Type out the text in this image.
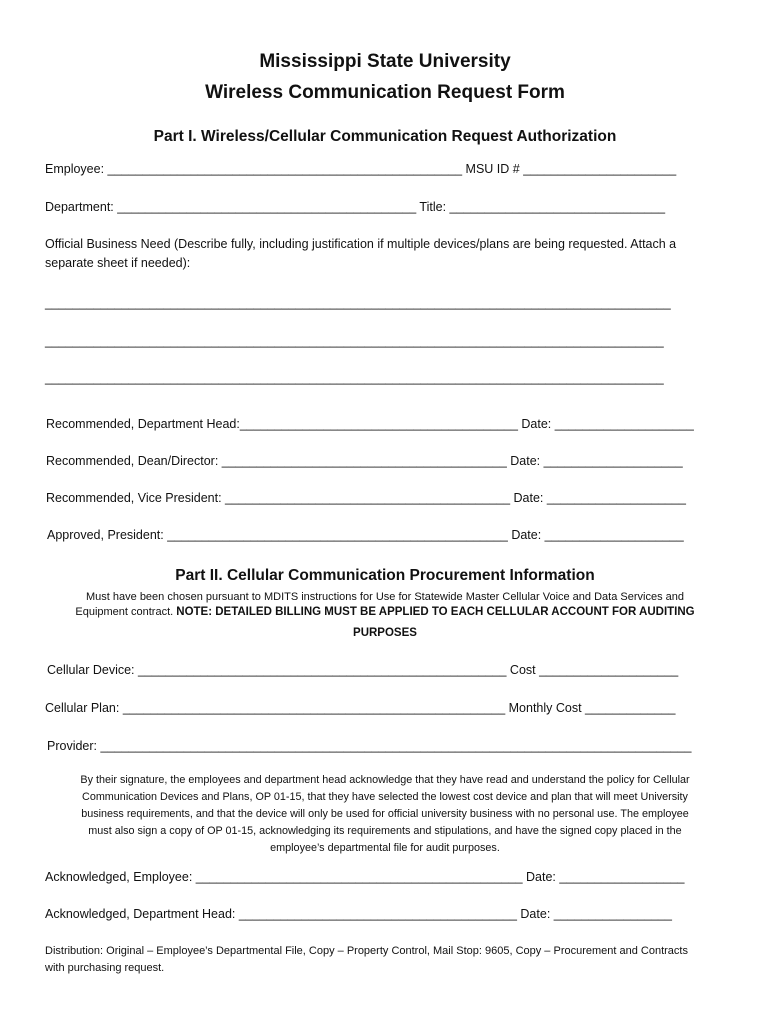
Mississippi State University
Wireless Communication Request Form
Part I. Wireless/Cellular Communication Request Authorization
Employee: ___________________________________________________ MSU ID # ______________________
Department: ___________________________________________ Title: _______________________________
Official Business Need (Describe fully, including justification if multiple devices/plans are being requested. Attach a
separate sheet if needed):
__________________________________________________________________________________________
_________________________________________________________________________________________
_________________________________________________________________________________________
Recommended, Department Head:________________________________________ Date: ____________________
Recommended, Dean/Director: _________________________________________ Date: ____________________
Recommended, Vice President: _________________________________________ Date: ____________________
Approved, President: _________________________________________________ Date: ____________________
Part II. Cellular Communication Procurement Information
Must have been chosen pursuant to MDITS instructions for Use for Statewide Master Cellular Voice and Data Services and
Equipment contract. NOTE: DETAILED BILLING MUST BE APPLIED TO EACH CELLULAR ACCOUNT FOR AUDITING
PURPOSES
Cellular Device: _____________________________________________________ Cost ____________________
Cellular Plan: _______________________________________________________ Monthly Cost _____________
Provider: _____________________________________________________________________________________
By their signature, the employees and department head acknowledge that they have read and understand the policy for Cellular
Communication Devices and Plans, OP 01-15, that they have selected the lowest cost device and plan that will meet University
business requirements, and that the device will only be used for official university business with no personal use. The employee
must also sign a copy of OP 01-15, acknowledging its requirements and stipulations, and have the signed copy placed in the
employee’s departmental file for audit purposes.
Acknowledged, Employee: _______________________________________________ Date: __________________
Acknowledged, Department Head: ________________________________________ Date: _________________
Distribution: Original – Employee’s Departmental File, Copy – Property Control, Mail Stop: 9605, Copy – Procurement and Contracts
with purchasing request.
